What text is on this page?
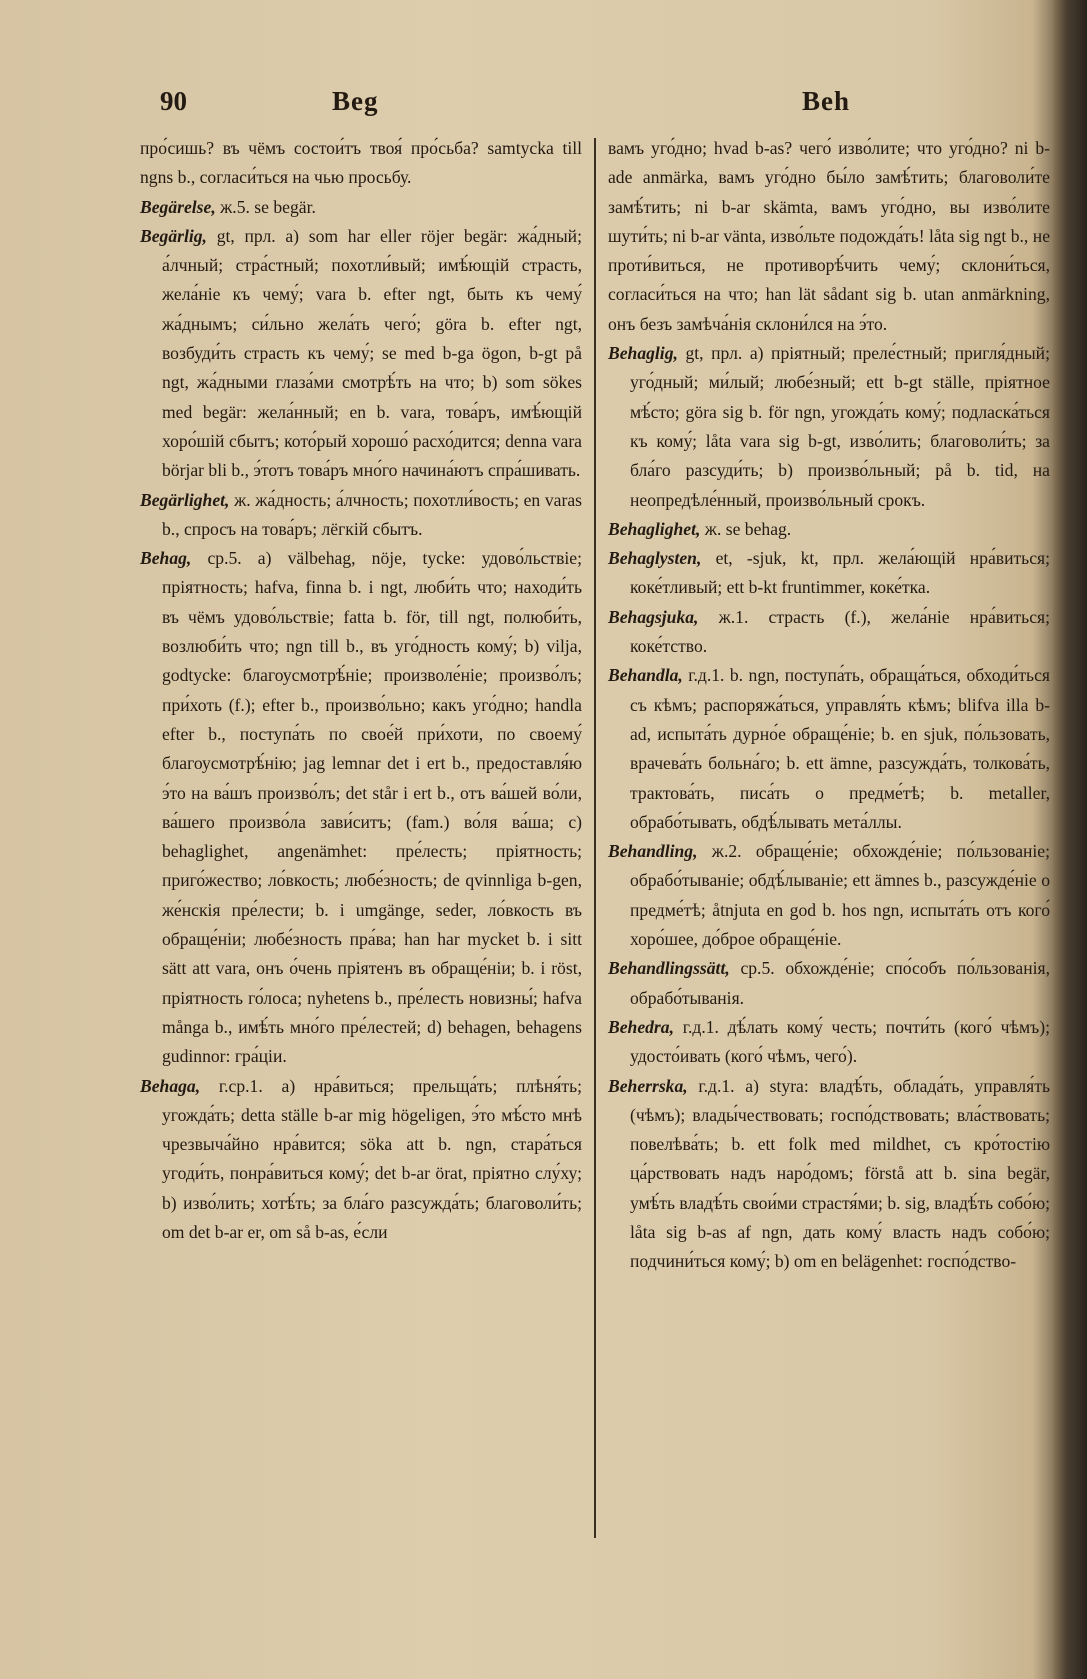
90	Beg	Beh

про́сишь? въ чёмъ состои́тъ твоя́ про́сьба? samtycka till ngns b., согласи́ться на чью просьбу.

Begärelse, ж.5. se begär.

Begärlig, gt, прл. a) som har eller röjer begär: жа́дный; а́лчный; стра́стный; похотли́вый; имѣ́ющій страсть, жела́ніе къ чему́; vara b. efter ngt, быть къ чему́ жа́днымъ; си́льно жела́ть чего́; göra b. efter ngt, возбуди́ть страсть къ чему́; se med b-ga ögon, b-gt på ngt, жа́дными глаза́ми смотрѣ́ть на что; b) som sökes med begär: жела́нный; en b. vara, това́ръ, имѣ́ющій хоро́шій сбытъ; кото́рый хорошо́ расхо́дится; denna vara börjar bli b., э́тотъ това́ръ мно́го начина́ютъ спра́шивать.

Begärlighet, ж. жа́дность; а́лчность; похотли́вость; en varas b., спросъ на това́ръ; лёгкій сбытъ.

Behag, ср.5. a) välbehag, nöje, tycke: удово́льствіе; пріятность; hafva, finna b. i ngt, люби́ть что; находи́ть въ чёмъ удово́льствіе; fatta b. för, till ngt, полюби́ть, возлюби́ть что; ngn till b., въ уго́дность кому́; b) vilja, godtycke: благоусмотрѣ́ніе; произволе́ніе; произво́лъ; при́хоть (f.); efter b., произво́льно; какъ уго́дно; handla efter b., поступа́ть по свое́й при́хоти, по своему́ благоусмотрѣ́нію; jag lemnar det i ert b., предоставля́ю э́то на ва́шъ произво́лъ; det står i ert b., отъ ва́шей во́ли, ва́шего произво́ла зави́ситъ; (fam.) во́ля ва́ша; c) behaglighet, angenämhet: пре́лесть; пріятность; приго́жество; ло́вкость; любе́зность; de qvinnliga b-gen, же́нскія пре́лести; b. i umgänge, seder, ло́вкость въ обраще́ніи; любе́зность пра́ва; han har mycket b. i sitt sätt att vara, онъ о́чень пріятенъ въ обраще́ніи; b. i röst, пріятность го́лоса; nyhetens b., пре́лесть новизны́; hafva många b., имѣ́ть мно́го пре́лестей; d) behagen, behagens gudinnor: гра́ціи.

Behaga, г.ср.1. a) нра́виться; прельща́ть; плѣня́ть; угожда́ть; detta ställe b-ar mig högeligen, э́то мѣ́сто мнѣ чрезвыча́йно нра́вится; söka att b. ngn, стара́ться угоди́ть, понра́виться кому́; det b-ar örat, пріятно слу́ху; b) изво́лить; хотѣ́ть; за бла́го разсужда́ть; благоволи́ть; om det b-ar er, om så b-as, е́сли

вамъ уго́дно; hvad b-as? чего́ изво́лите; что уго́дно? ni b-ade anmärka, вамъ уго́дно бы́ло замѣ́тить; благоволи́те замѣ́тить; ni b-ar skämta, вамъ уго́дно, вы изво́лите шути́ть; ni b-ar vänta, изво́льте подожда́ть! låta sig ngt b., не проти́виться, не противорѣ́чить чему́; склони́ться, согласи́ться на что; han lät sådant sig b. utan anmärkning, онъ безъ замѣча́нія склони́лся на э́то.

Behaglig, gt, прл. a) пріятный; преле́стный; пригля́дный; уго́дный; ми́лый; любе́зный; ett b-gt ställe, пріятное мѣ́сто; göra sig b. för ngn, угожда́ть кому́; подласка́ться къ кому́; låta vara sig b-gt, изво́лить; благоволи́ть; за бла́го разсуди́ть; b) произво́льный; på b. tid, на неопредѣле́нный, произво́льный срокъ.

Behaglighet, ж. se behag.

Behaglysten, et, -sjuk, kt, прл. жела́ющій нра́виться; коке́тливый; ett b-kt fruntimmer, коке́тка.

Behagsjuka, ж.1. страсть (f.), жела́ніе нра́виться; коке́тство.

Behandla, г.д.1. b. ngn, поступа́ть, обраща́ться, обходи́ться съ кѣмъ; распоряжа́ться, управля́ть кѣмъ; blifva illa b-ad, испыта́ть дурно́е обраще́ніе; b. en sjuk, по́льзовать, врачева́ть больна́го; b. ett ämne, разсужда́ть, толкова́ть, трактова́ть, писа́ть о предме́тѣ; b. metaller, обрабо́тывать, обдѣ́лывать мета́ллы.

Behandling, ж.2. обраще́ніе; обхожде́ніе; по́льзованіе; обрабо́тываніе; обдѣ́лываніе; ett ämnes b., разсужде́ніе о предме́тѣ; åtnjuta en god b. hos ngn, испыта́ть отъ кого́ хоро́шее, до́брое обраще́ніе.

Behandlingssätt, ср.5. обхожде́ніе; спо́собъ по́льзованія, обрабо́тыванія.

Behedra, г.д.1. дѣ́лать кому́ честь; почти́ть (кого́ чѣмъ); удосто́ивать (кого́ чѣмъ, чего́).

Beherrska, г.д.1. a) styra: владѣ́ть, облада́ть, управля́ть (чѣмъ); влады́чествовать; госпо́дствовать; вла́ствовать; повелѣва́ть; b. ett folk med mildhet, съ кро́тостію ца́рствовать надъ наро́домъ; förstå att b. sina begär, умѣ́ть владѣ́ть свои́ми страстя́ми; b. sig, владѣ́ть собо́ю; låta sig b-as af ngn, дать кому́ власть надъ собо́ю; подчини́ться кому́; b) om en belägenhet: госпо́дство-
